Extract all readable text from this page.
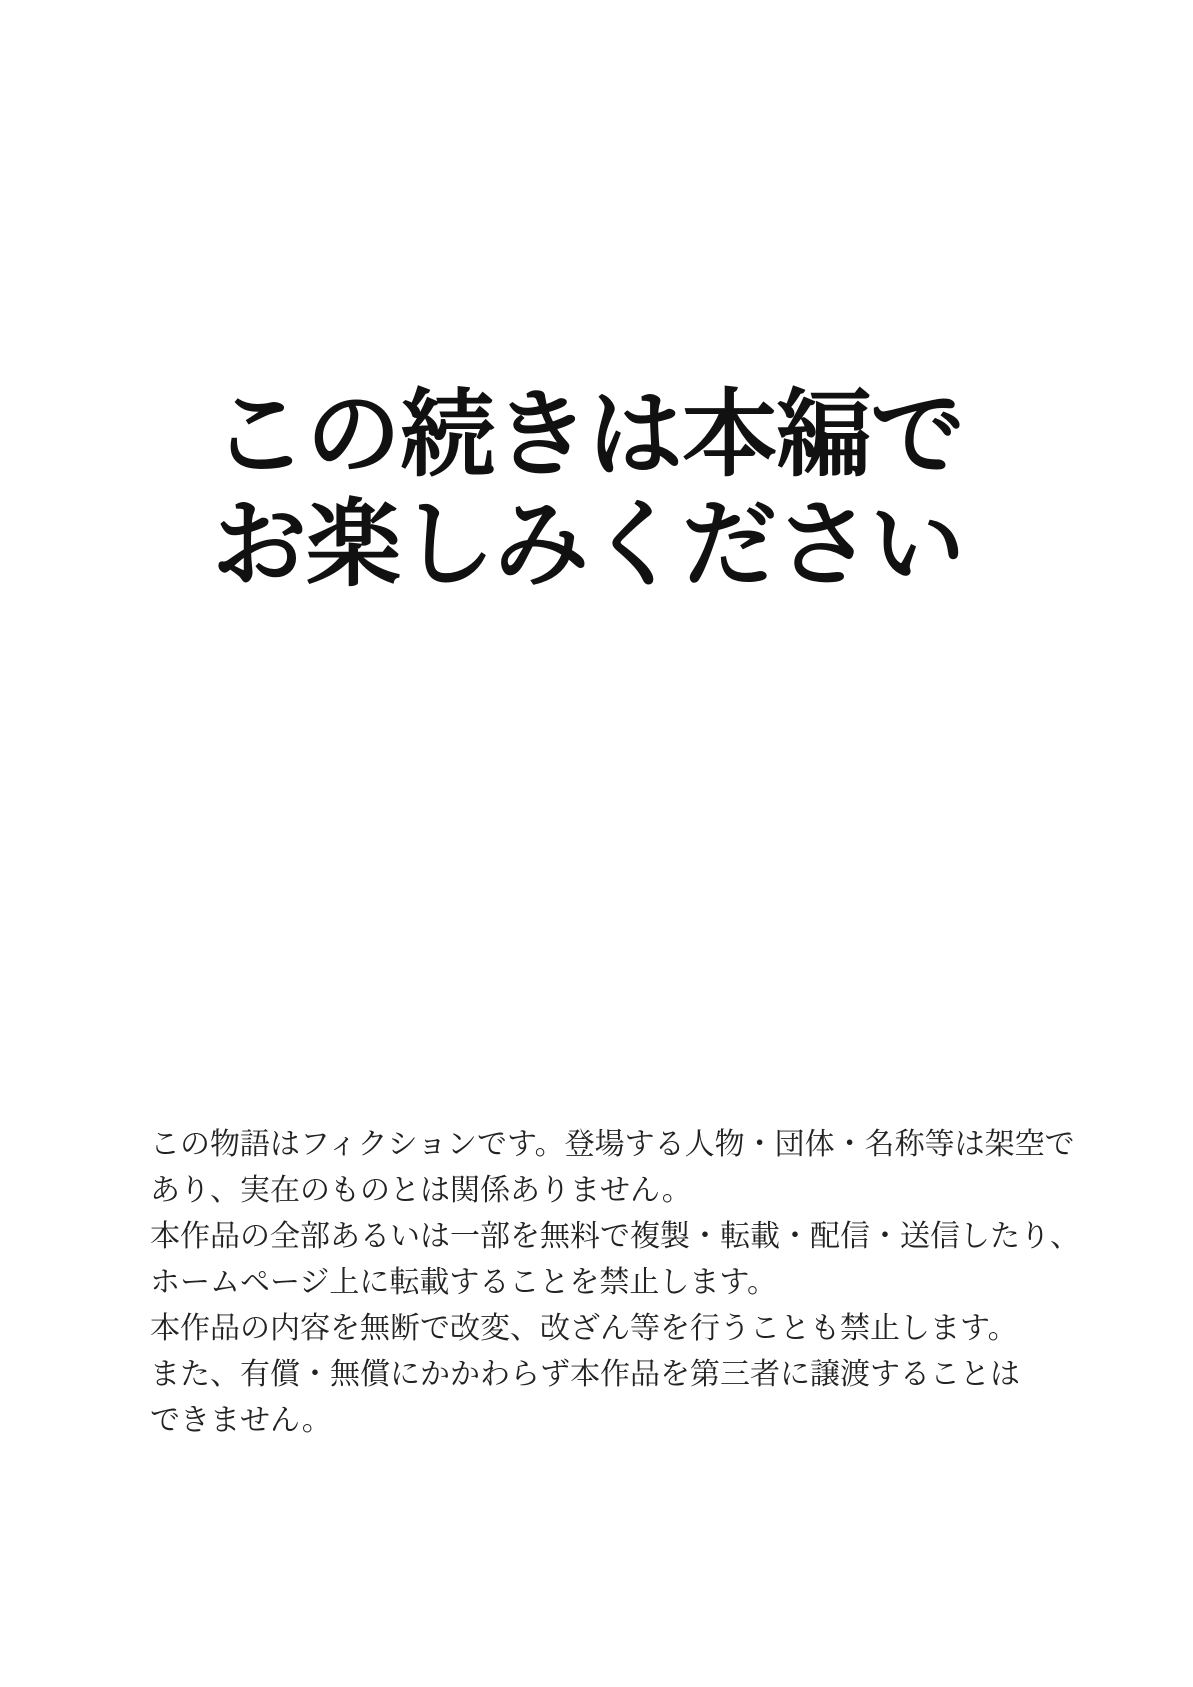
この続きは本編で
お楽しみください
この物語はフィクションです。登場する人物・団体・名称等は架空で
あり、実在のものとは関係ありません。
本作品の全部あるいは一部を無料で複製・転載・配信・送信したり、
ホームページ上に転載することを禁止します。
本作品の内容を無断で改変、改ざん等を行うことも禁止します。
また、有償・無償にかかわらず本作品を第三者に譲渡することは
できません。
